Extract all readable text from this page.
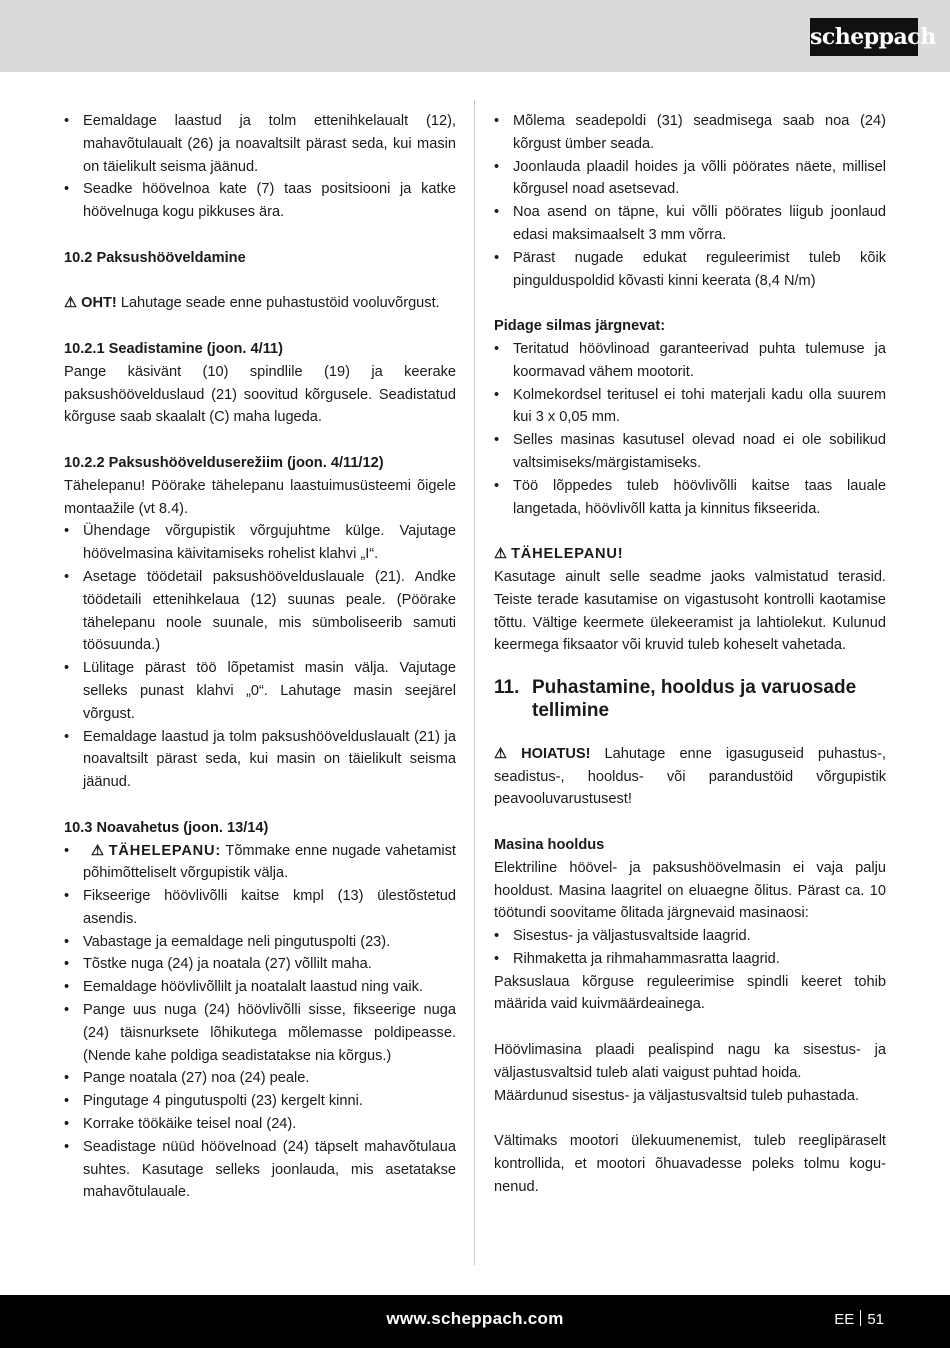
scheppach
• Eemaldage laastud ja tolm ettenihkelaualt (12), mahavõtulaualt (26) ja noavaltsilt pärast seda, kui masin on täielikult seisma jäänud.
• Seadke höövelnoa kate (7) taas positsiooni ja katke höövelnuga kogu pikkuses ära.
10.2 Paksushööveldamine
⚠ OHT! Lahutage seade enne puhastustöid vooluvõrgust.
10.2.1 Seadistamine (joon. 4/11)
Pange käsivänt (10) spindlile (19) ja keerake paksushöövelduslaud (21) soovitud kõrgusele. Seadistatud kõrguse saab skaalalt (C) maha lugeda.
10.2.2 Paksushöövelduserežiim (joon. 4/11/12)
Tähelepanu! Pöörake tähelepanu laastuimusüsteemi õigele montaažile (vt 8.4).
• Ühendage võrgupistik võrgujuhtme külge. Vajutage höövelmasina käivitamiseks rohelist klahvi „I“.
• Asetage töödetail paksushöövelduslauale (21). Andke töödetaili ettenihkelaua (12) suunas peale. (Pöörake tähelepanu noole suunale, mis sümboliseerib samuti töösuunda.)
• Lülitage pärast töö lõpetamist masin välja. Vajutage selleks punast klahvi „0“. Lahutage masin seejärel võrgust.
• Eemaldage laastud ja tolm paksushöövelduslaualt (21) ja noavaltsilt pärast seda, kui masin on täielikult seisma jäänud.
10.3 Noavahetus (joon. 13/14)
• ⚠ TÄHELEPANU: Tõmmake enne nugade vahetamist põhimõtteliselt võrgupistik välja.
• Fikseerige höövlivõlli kaitse kmpl (13) ülestõstetud asendis.
• Vabastage ja eemaldage neli pingutuspolti (23).
• Tõstke nuga (24) ja noatala (27) võllilt maha.
• Eemaldage höövlivõllilt ja noatalalt laastud ning vaik.
• Pange uus nuga (24) höövlivõlli sisse, fikseerige nuga (24) täisnurksete lõhikutega mõlemasse poldipeasse. (Nende kahe poldiga seadistatakse nia kõrgus.)
• Pange noatala (27) noa (24) peale.
• Pingutage 4 pingutuspolti (23) kergelt kinni.
• Korrake töökäike teisel noal (24).
• Seadistage nüüd höövelnoad (24) täpselt mahavõtulaua suhtes. Kasutage selleks joonlauda, mis asetatakse mahavõtulauale.
• Mõlema seadepoldi (31) seadmisega saab noa (24) kõrgust ümber seada.
• Joonlauda plaadil hoides ja võlli pöörates näete, millisel kõrgusel noad asetsevad.
• Noa asend on täpne, kui võlli pöörates liigub joonlaud edasi maksimaalselt 3 mm võrra.
• Pärast nugade edukat reguleerimist tuleb kõik pingulduspoldid kõvasti kinni keerata (8,4 N/m)
Pidage silmas järgnevat:
• Teritatud höövlinoad garanteerivad puhta tulemuse ja koormavad vähem mootorit.
• Kolmekordsel teritusel ei tohi materjali kadu olla suurem kui 3 x 0,05 mm.
• Selles masinas kasutusel olevad noad ei ole sobilikud valtsimiseks/märgistamiseks.
• Töö lõppedes tuleb höövlivõlli kaitse taas lauale langetada, höövlivõll katta ja kinnitus fikseerida.
⚠ TÄHELEPANU!
Kasutage ainult selle seadme jaoks valmistatud terasid. Teiste terade kasutamise on vigastusoht kontrolli kaotamise tõttu. Vältige keermete ülekeeramist ja lahtiolekut. Kulunud keermega fiksaator või kruvid tuleb koheselt vahetada.
11. Puhastamine, hooldus ja varuosade tellimine
⚠ HOIATUS! Lahutage enne igasuguseid puhastus-, seadistus-, hooldus- või parandustöid võrgupistik peavooluvarustusest!
Masina hooldus
Elektriline höövel- ja paksushöövelmasin ei vaja palju hooldust. Masina laagritel on eluaegne õlitus. Pärast ca. 10 töötundi soovitame õlitada järgnevaid masinaosi:
• Sisestus- ja väljastusvaltside laagrid.
• Rihmaketta ja rihmahammasratta laagrid.
Paksuslaua kõrguse reguleerimise spindli keeret tohib määrida vaid kuivmäärdeainega.
Höövlimasina plaadi pealispind nagu ka sisestus- ja väljastusvaltsid tuleb alati vaigust puhtad hoida.
Määrdunud sisestus- ja väljastusvaltsid tuleb puhastada.
Vältimaks mootori ülekuumenemist, tuleb reeglipäraselt kontrollida, et mootori õhuavadesse poleks tolmu kogu-nenud.
www.scheppach.com	EE 51
